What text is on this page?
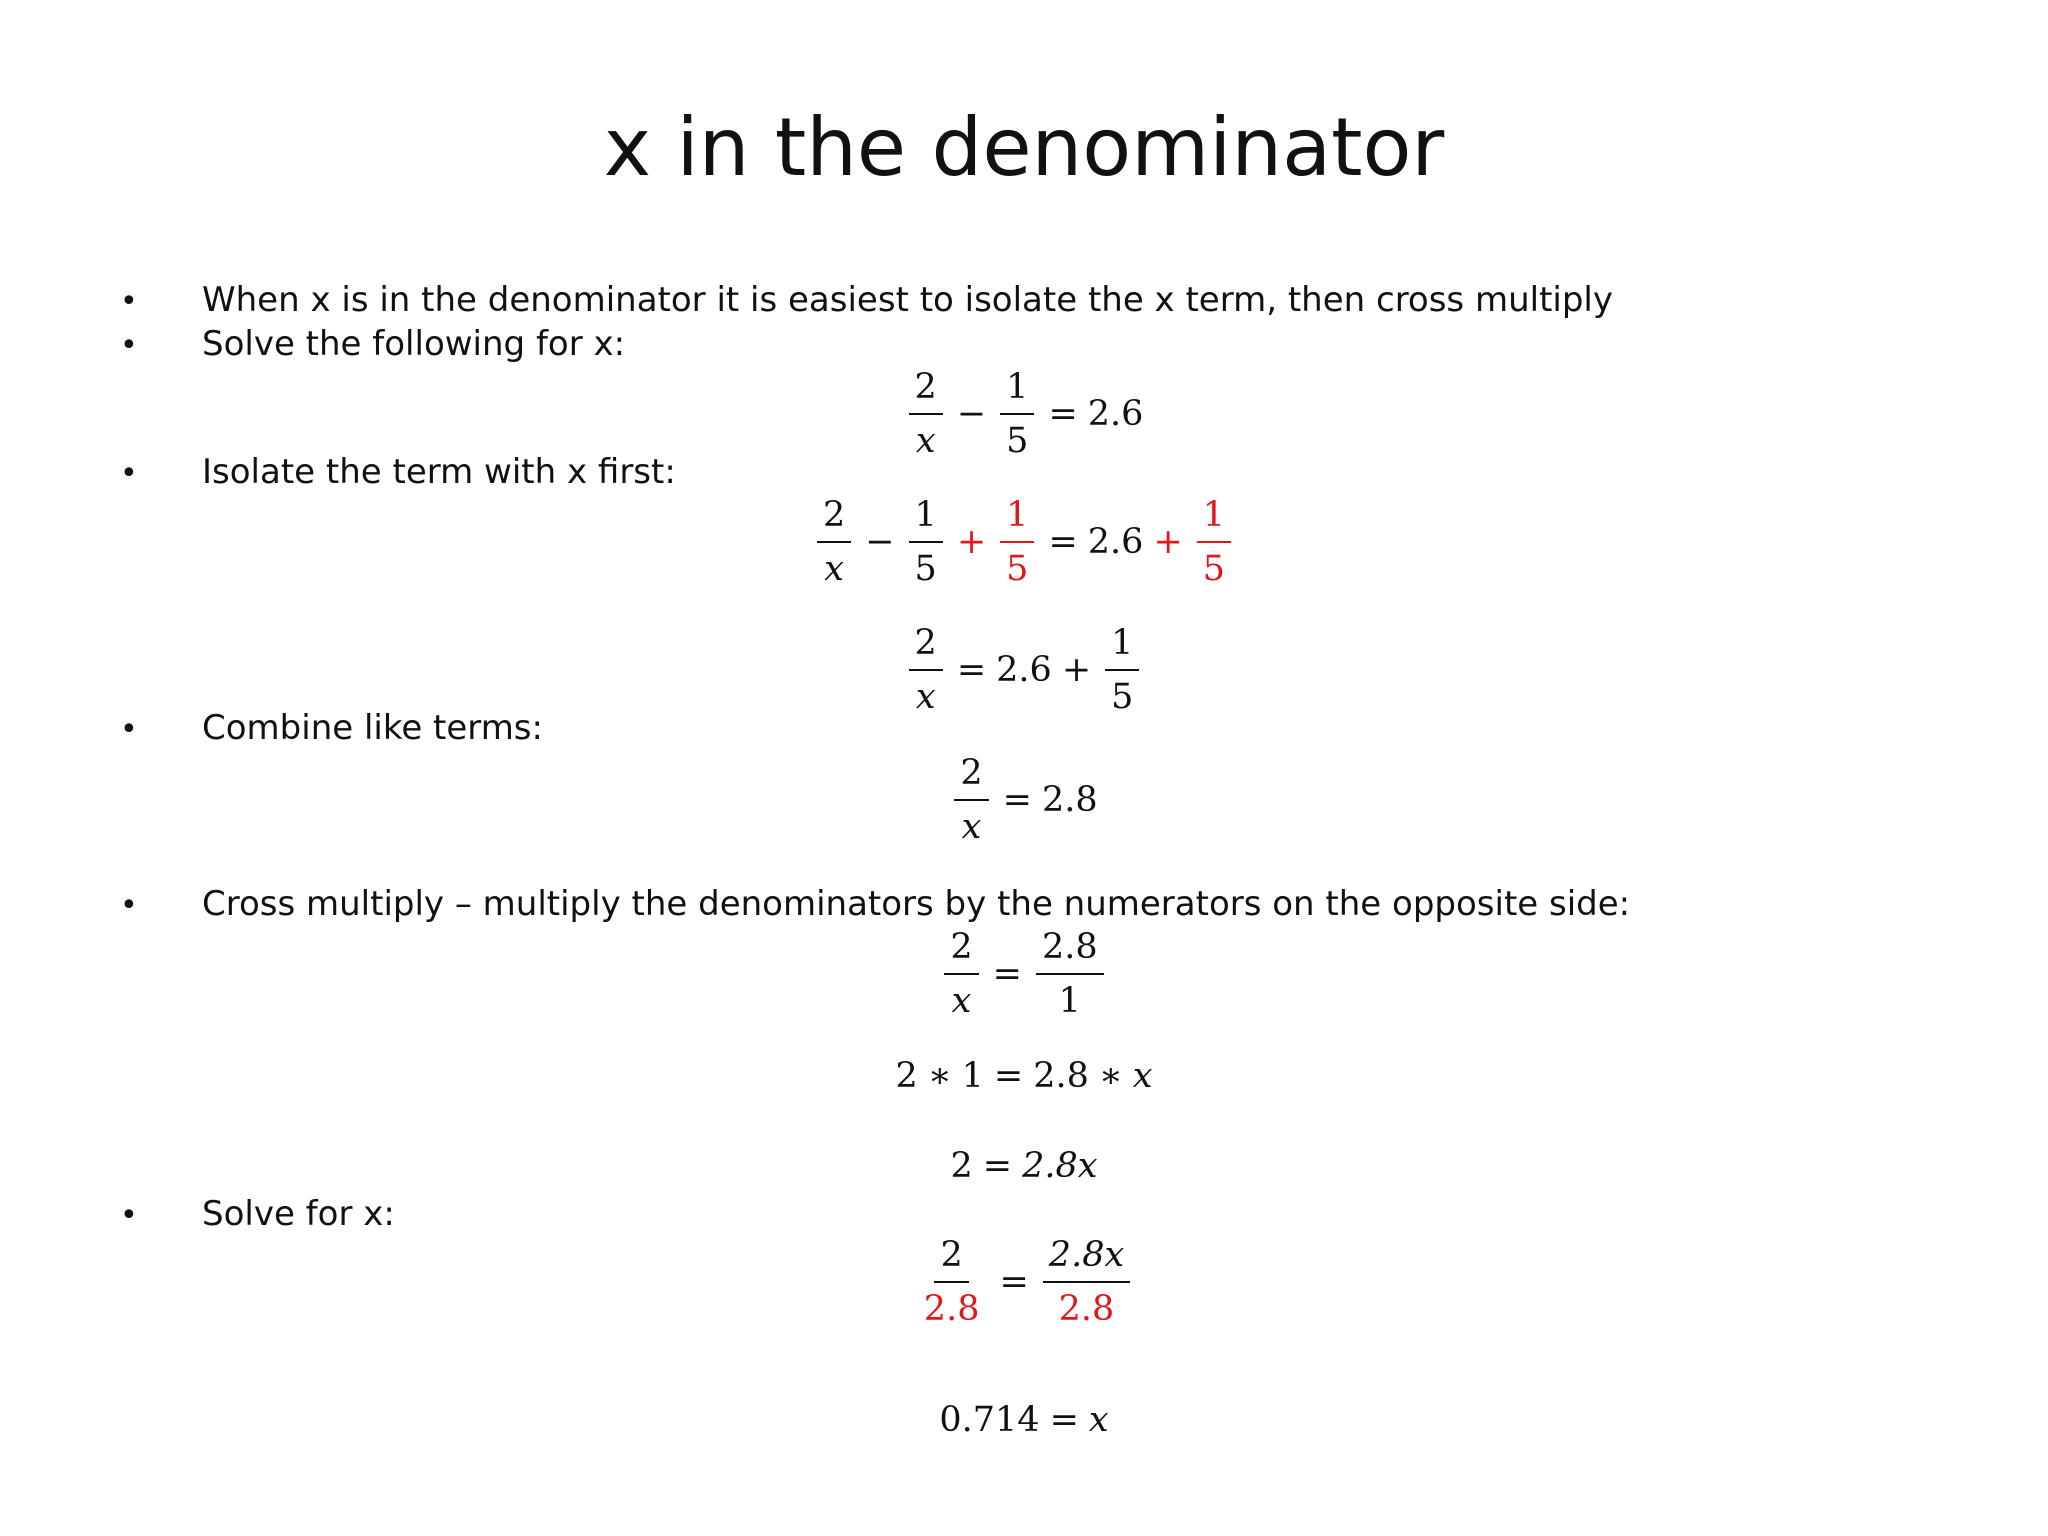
x in the denominator
• When x is in the denominator it is easiest to isolate the x term, then cross multiply
• Solve the following for x:
$\frac{2}{x} - \frac{1}{5} = 2.6$
• Isolate the term with x first:
$\frac{2}{x} - \frac{1}{5} + \frac{1}{5} = 2.6 + \frac{1}{5}$
$\frac{2}{x} = 2.6 + \frac{1}{5}$
• Combine like terms:
$\frac{2}{x} = 2.8$
• Cross multiply – multiply the denominators by the numerators on the opposite side:
$\frac{2}{x} = \frac{2.8}{1}$
2 ∗ 1 = 2.8 ∗ x
2 = 2.8x
• Solve for x:
$\frac{2}{2.8} = \frac{2.8x}{2.8}$
0.714 = x
